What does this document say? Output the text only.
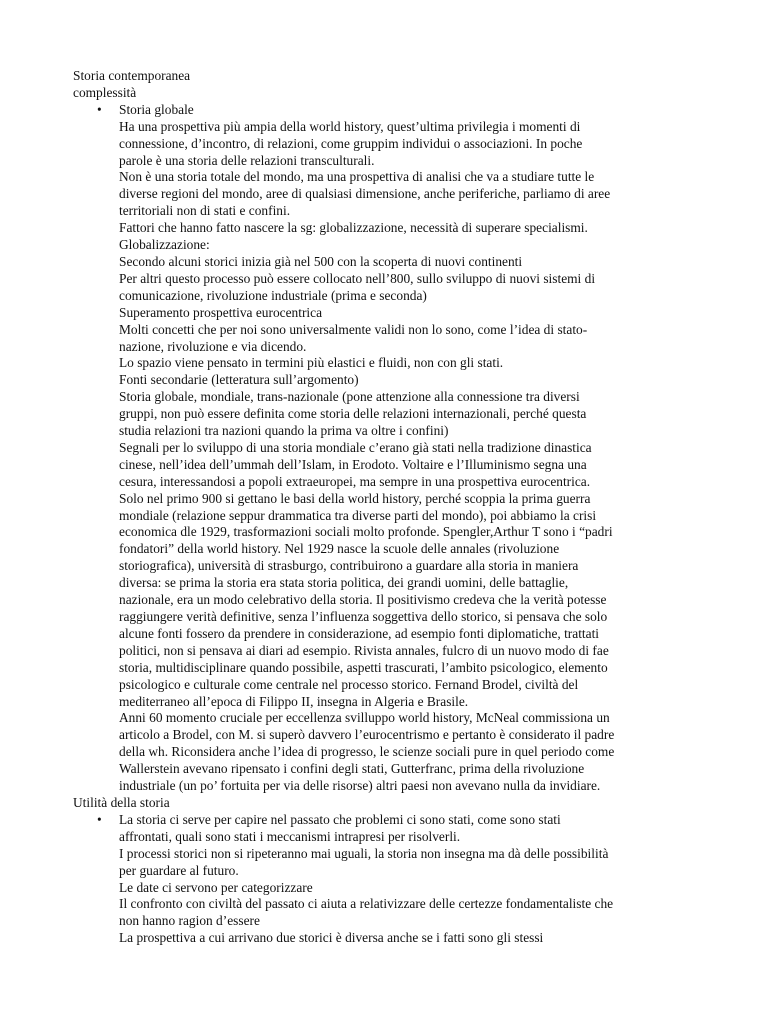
Storia contemporanea
complessità
• Storia globale
Ha una prospettiva più ampia della world history, quest’ultima privilegia i momenti di
connessione, d’incontro, di relazioni, come gruppim individui o associazioni. In poche
parole è una storia delle relazioni transculturali.
Non è una storia totale del mondo, ma una prospettiva di analisi che va a studiare tutte le
diverse regioni del mondo, aree di qualsiasi dimensione, anche periferiche, parliamo di aree
territoriali non di stati e confini.
Fattori che hanno fatto nascere la sg: globalizzazione, necessità di superare specialismi.
Globalizzazione:
Secondo alcuni storici inizia già nel 500 con la scoperta di nuovi continenti
Per altri questo processo può essere collocato nell’800, sullo sviluppo di nuovi sistemi di
comunicazione, rivoluzione industriale (prima e seconda)
Superamento prospettiva eurocentrica
Molti concetti che per noi sono universalmente validi non lo sono, come l’idea di stato-
nazione, rivoluzione e via dicendo.
Lo spazio viene pensato in termini più elastici e fluidi, non con gli stati.
Fonti secondarie (letteratura sull’argomento)
Storia globale, mondiale, trans-nazionale (pone attenzione alla connessione tra diversi
gruppi, non può essere definita come storia delle relazioni internazionali, perché questa
studia relazioni tra nazioni quando la prima va oltre i confini)
Segnali per lo sviluppo di una storia mondiale c’erano già stati nella tradizione dinastica
cinese, nell’idea dell’ummah dell’Islam, in Erodoto. Voltaire e l’Illuminismo segna una
cesura, interessandosi a popoli extraeuropei, ma sempre in una prospettiva eurocentrica.
Solo nel primo 900 si gettano le basi della world history, perché scoppia la prima guerra
mondiale (relazione seppur drammatica tra diverse parti del mondo), poi abbiamo la crisi
economica dle 1929, trasformazioni sociali molto profonde. Spengler,Arthur T sono i “padri
fondatori” della world history. Nel 1929 nasce la scuole delle annales (rivoluzione
storiografica), università di strasburgo, contribuirono a guardare alla storia in maniera
diversa: se prima la storia era stata storia politica, dei grandi uomini, delle battaglie,
nazionale, era un modo celebrativo della storia. Il positivismo credeva che la verità potesse
raggiungere verità definitive, senza l’influenza soggettiva dello storico, si pensava che solo
alcune fonti fossero da prendere in considerazione, ad esempio fonti diplomatiche, trattati
politici, non si pensava ai diari ad esempio. Rivista annales, fulcro di un nuovo modo di fae
storia, multidisciplinare quando possibile, aspetti trascurati, l’ambito psicologico, elemento
psicologico e culturale come centrale nel processo storico. Fernand Brodel, civiltà del
mediterraneo all’epoca di Filippo II, insegna in Algeria e Brasile.
Anni 60 momento cruciale per eccellenza svilluppo world history, McNeal commissiona un
articolo a Brodel, con M. si superò davvero l’eurocentrismo e pertanto è considerato il padre
della wh. Riconsidera anche l’idea di progresso, le scienze sociali pure in quel periodo come
Wallerstein avevano ripensato i confini degli stati, Gutterfranc, prima della rivoluzione
industriale (un po’ fortuita per via delle risorse) altri paesi non avevano nulla da invidiare.
Utilità della storia
• La storia ci serve per capire nel passato che problemi ci sono stati, come sono stati
affrontati, quali sono stati i meccanismi intrapresi per risolverli.
I processi storici non si ripeteranno mai uguali, la storia non insegna ma dà delle possibilità
per guardare al futuro.
Le date ci servono per categorizzare
Il confronto con civiltà del passato ci aiuta a relativizzare delle certezze fondamentaliste che
non hanno ragion d’essere
La prospettiva a cui arrivano due storici è diversa anche se i fatti sono gli stessi
